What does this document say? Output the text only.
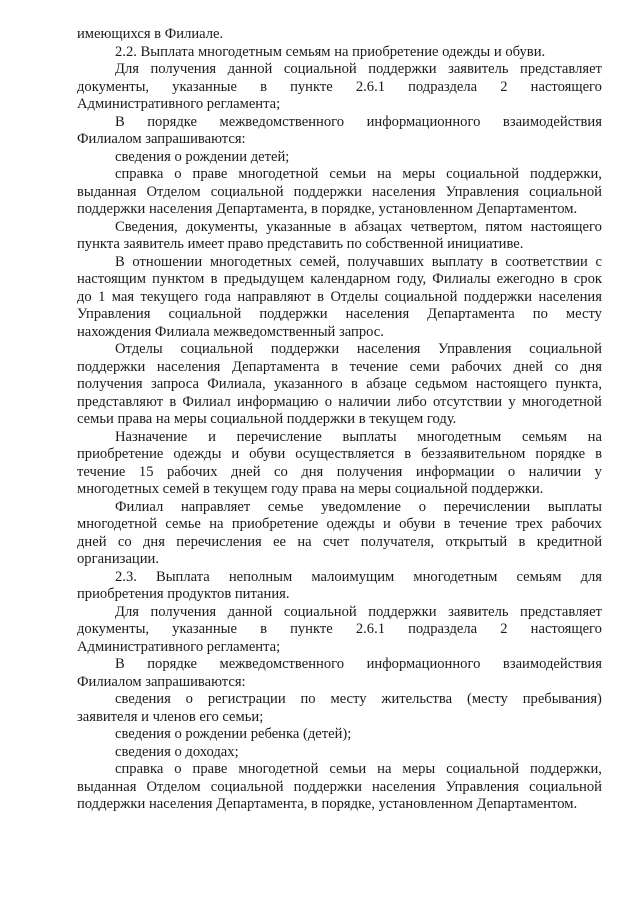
имеющихся в Филиале.
2.2. Выплата многодетным семьям на приобретение одежды и обуви.
Для получения данной социальной поддержки заявитель представляет
документы, указанные в пункте 2.6.1 подраздела 2 настоящего
Административного регламента;
В порядке межведомственного информационного взаимодействия
Филиалом запрашиваются:
сведения о рождении детей;
справка о праве многодетной семьи на меры социальной поддержки,
выданная Отделом социальной поддержки населения Управления социальной
поддержки населения Департамента, в порядке, установленном Департаментом.
Сведения, документы, указанные в абзацах четвертом, пятом настоящего
пункта заявитель имеет право представить по собственной инициативе.
В отношении многодетных семей, получавших выплату в соответствии с
настоящим пунктом в предыдущем календарном году, Филиалы ежегодно в срок
до 1 мая текущего года направляют в Отделы социальной поддержки населения
Управления социальной поддержки населения Департамента по месту
нахождения Филиала межведомственный запрос.
Отделы социальной поддержки населения Управления социальной
поддержки населения Департамента в течение семи рабочих дней со дня
получения запроса Филиала, указанного в абзаце седьмом настоящего пункта,
представляют в Филиал информацию о наличии либо отсутствии у многодетной
семьи права на меры социальной поддержки в текущем году.
Назначение и перечисление выплаты многодетным семьям на
приобретение одежды и обуви осуществляется в беззаявительном порядке в
течение 15 рабочих дней со дня получения информации о наличии у
многодетных семей в текущем году права на меры социальной поддержки.
Филиал направляет семье уведомление о перечислении выплаты
многодетной семье на приобретение одежды и обуви в течение трех рабочих
дней со дня перечисления ее на счет получателя, открытый в кредитной
организации.
2.3. Выплата неполным малоимущим многодетным семьям для
приобретения продуктов питания.
Для получения данной социальной поддержки заявитель представляет
документы, указанные в пункте 2.6.1 подраздела 2 настоящего
Административного регламента;
В порядке межведомственного информационного взаимодействия
Филиалом запрашиваются:
сведения о регистрации по месту жительства (месту пребывания)
заявителя и членов его семьи;
сведения о рождении ребенка (детей);
сведения о доходах;
справка о праве многодетной семьи на меры социальной поддержки,
выданная Отделом социальной поддержки населения Управления социальной
поддержки населения Департамента, в порядке, установленном Департаментом.
